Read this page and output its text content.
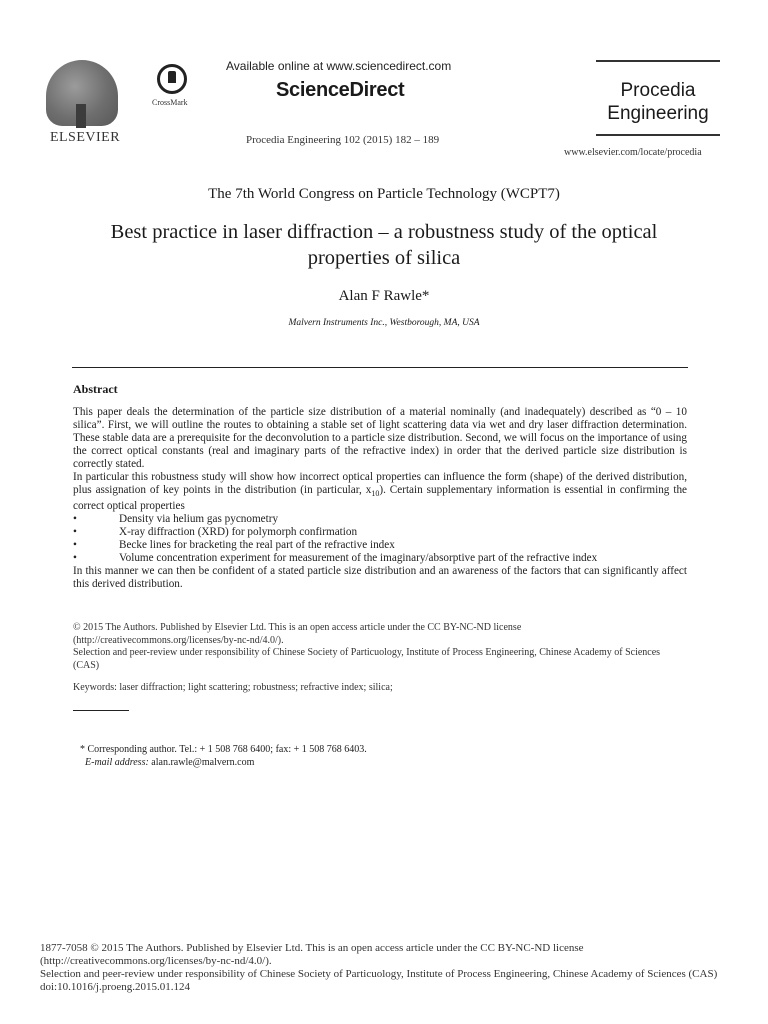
ELSEVIER
CrossMark
Available online at www.sciencedirect.com
ScienceDirect
Procedia Engineering 102 (2015) 182 – 189
Procedia
Engineering
www.elsevier.com/locate/procedia
The 7th World Congress on Particle Technology (WCPT7)
Best practice in laser diffraction – a robustness study of the optical
properties of silica
Alan F Rawle*
Malvern Instruments Inc., Westborough, MA, USA
Abstract

This paper deals the determination of the particle size distribution of a material nominally (and inadequately) described as “0 – 10 silica”. First, we will outline the routes to obtaining a stable set of light scattering data via wet and dry laser diffraction determination. These stable data are a prerequisite for the deconvolution to a particle size distribution. Second, we will focus on the importance of using the correct optical constants (real and imaginary parts of the refractive index) in order that the derived particle size distribution is correctly stated.

In particular this robustness study will show how incorrect optical properties can influence the form (shape) of the derived distribution, plus assignation of key points in the distribution (in particular, $x_{10}$). Certain supplementary information is essential in confirming the correct optical properties

•	Density via helium gas pycnometry
•	X-ray diffraction (XRD) for polymorph confirmation
•	Becke lines for bracketing the real part of the refractive index
•	Volume concentration experiment for measurement of the imaginary/absorptive part of the refractive index

In this manner we can then be confident of a stated particle size distribution and an awareness of the factors that can significantly affect this derived distribution.

© 2015 The Authors. Published by Elsevier Ltd. This is an open access article under the CC BY-NC-ND license

(http://creativecommons.org/licenses/by-nc-nd/4.0/).

Selection and peer-review under responsibility of Chinese Society of Particuology, Institute of Process Engineering, Chinese Academy of Sciences (CAS)

Keywords: laser diffraction; light scattering; robustness; refractive index; silica;
* Corresponding author. Tel.: + 1 508 768 6400; fax: + 1 508 768 6403.
E-mail address: alan.rawle@malvern.com

1877-7058 © 2015 The Authors. Published by Elsevier Ltd. This is an open access article under the CC BY-NC-ND license

(http://creativecommons.org/licenses/by-nc-nd/4.0/).

Selection and peer-review under responsibility of Chinese Society of Particuology, Institute of Process Engineering, Chinese Academy of Sciences (CAS)

doi:10.1016/j.proeng.2015.01.124
